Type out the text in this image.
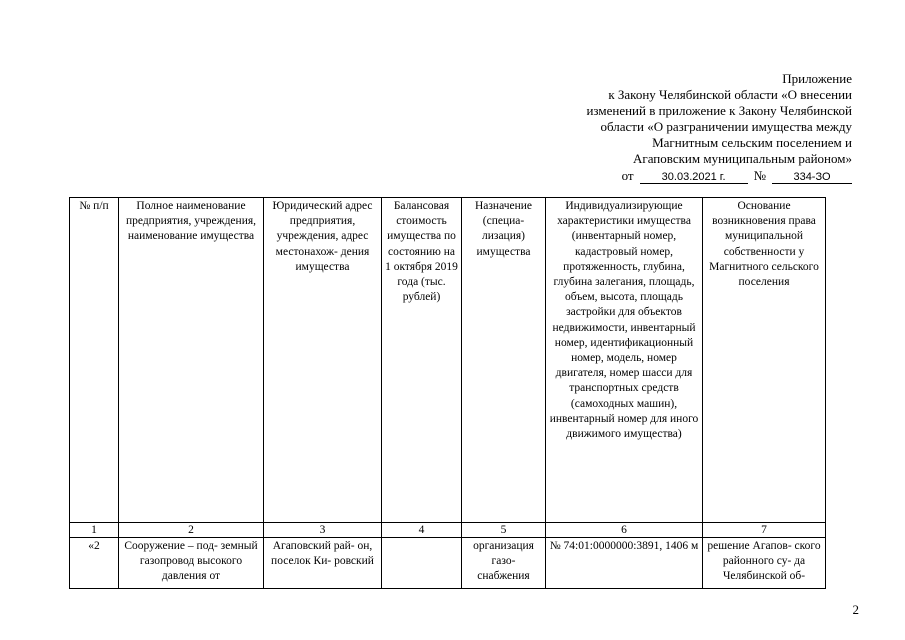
Приложение
к Закону Челябинской области «О внесении
изменений в приложение к Закону Челябинской
области «О разграничении имущества между
Магнитным сельским поселением и
Агаповским муниципальным районом»
от	30.03.2021 г.	№	334-ЗО
№ п/п	Полное наименование предприятия, учреждения, наименование имущества	Юридический адрес предприятия, учреждения, адрес местонахож- дения имущества	Балансовая стоимость имущества по состоянию на 1 октября 2019 года (тыс. рублей)	Назначение (специа- лизация) имущества	Индивидуализирующие характеристики имущества (инвентарный номер, кадастровый номер, протяженность, глубина, глубина залегания, площадь, объем, высота, площадь застройки для объектов недвижимости, инвентарный номер, идентификационный номер, модель, номер двигателя, номер шасси для транспортных средств (самоходных машин), инвентарный номер для иного движимого имущества)	Основание возникновения права муниципальной собственности у Магнитного сельского поселения
1	2	3	4	5	6	7
«2	Сооружение – под- земный газопровод высокого давления от	Агаповский рай- он, поселок Ки- ровский		организация газо- снабжения	№ 74:01:0000000:3891, 1406 м	решение Агапов- ского районного су- да Челябинской об-
2
